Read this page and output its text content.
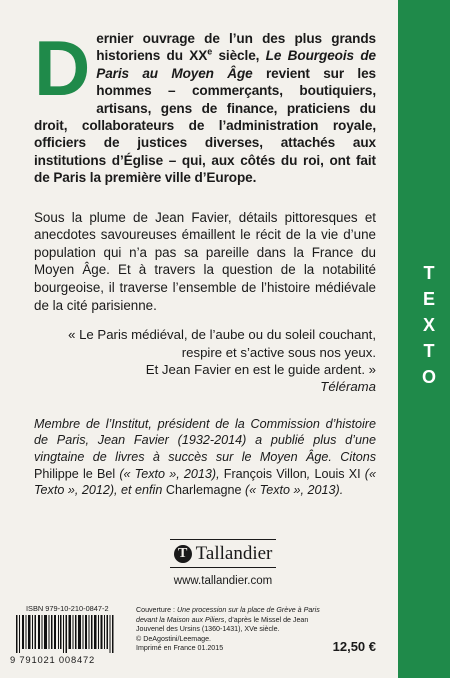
T
E
X
T
O

Dernier ouvrage de l’un des plus grands historiens du XXe siècle, Le Bourgeois de Paris au Moyen Âge revient sur les hommes – commerçants, boutiquiers, artisans, gens de finance, praticiens du droit, collaborateurs de l’administration royale, officiers de justices diverses, attachés aux institutions d’Église – qui, aux côtés du roi, ont fait de Paris la première ville d’Europe.

Sous la plume de Jean Favier, détails pittoresques et anecdotes savoureuses émaillent le récit de la vie d’une population qui n’a pas sa pareille dans la France du Moyen Âge. Et à travers la question de la notabilité bourgeoise, il traverse l’ensemble de l’histoire médiévale de la cité parisienne.

« Le Paris médiéval, de l’aube ou du soleil couchant,
respire et s’active sous nos yeux.
Et Jean Favier en est le guide ardent. »
Télérama

Membre de l’Institut, président de la Commission d’histoire de Paris, Jean Favier (1932-2014) a publié plus d’une vingtaine de livres à succès sur le Moyen Âge. Citons Philippe le Bel (« Texto », 2013), François Villon, Louis XI (« Texto », 2012), et enfin Charlemagne (« Texto », 2013).

T Tallandier
www.tallandier.com
ISBN 979-10-210-0847-2
9 791021 008472
Couverture : Une procession sur la place de Grève à Paris devant la Maison aux Piliers, d’après le Missel de Jean Jouvenel des Ursins (1360-1431), XVe siècle.
© DeAgostini/Leemage.
Imprimé en France 01.2015	12,50 €
